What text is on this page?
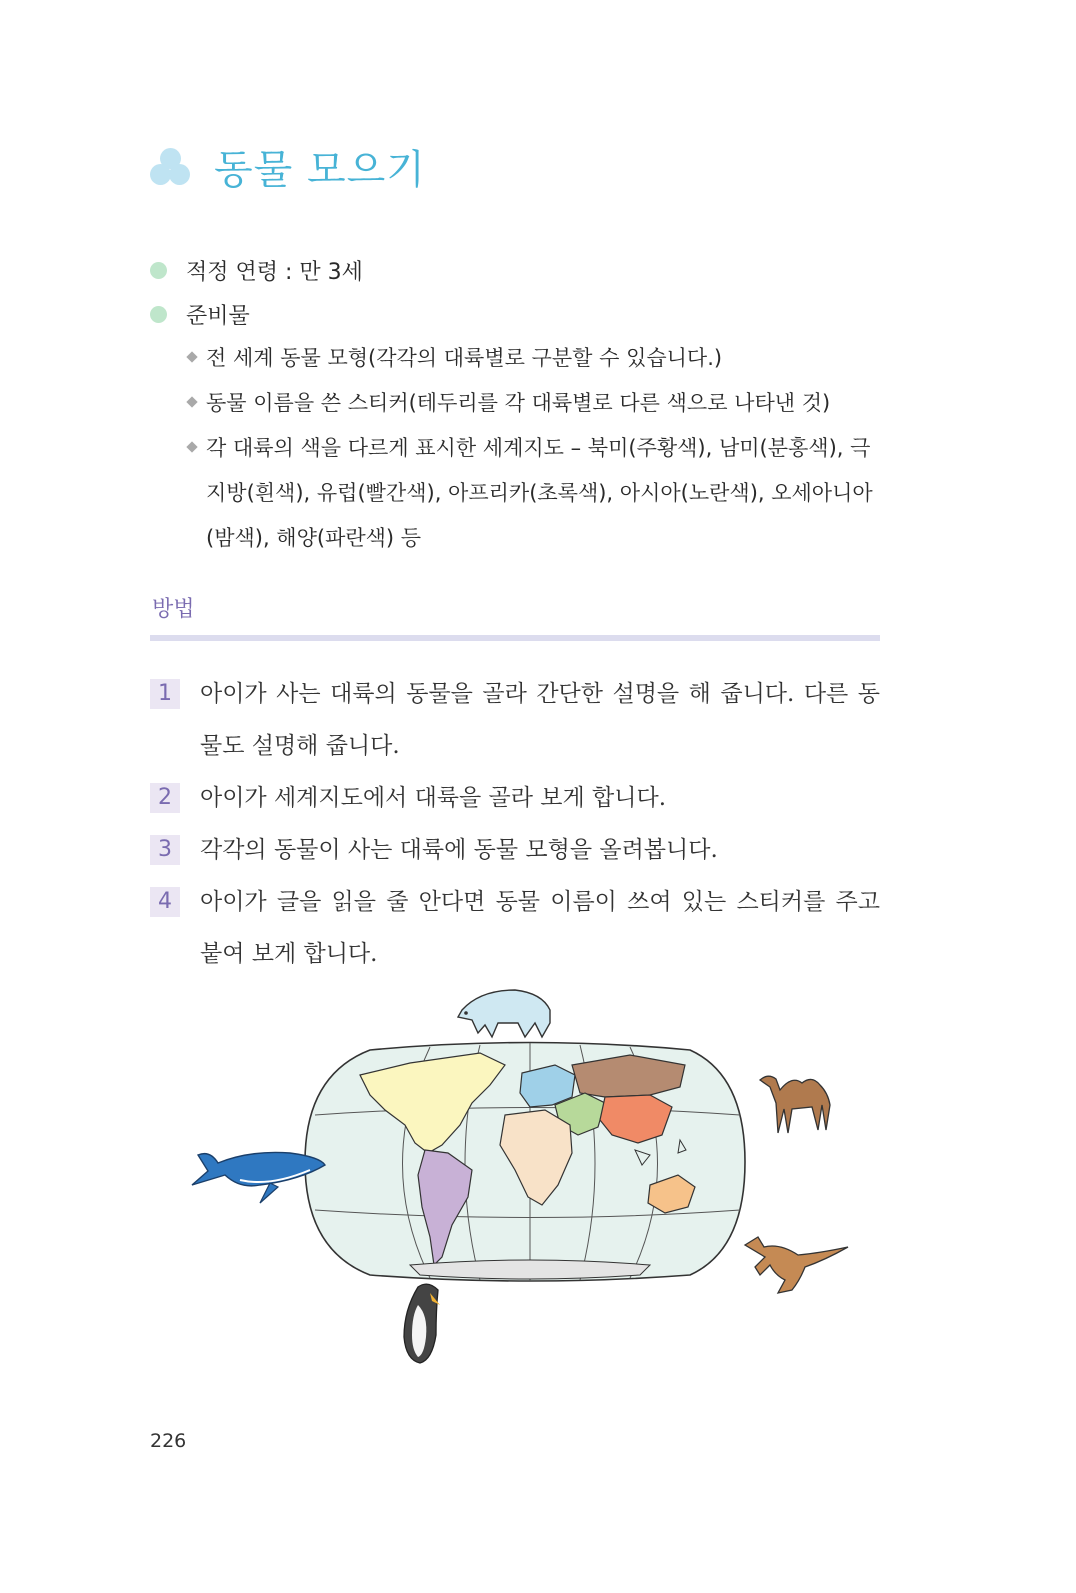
동물 모으기
적정 연령 : 만 3세
준비물
전 세계 동물 모형(각각의 대륙별로 구분할 수 있습니다.)
동물 이름을 쓴 스티커(테두리를 각 대륙별로 다른 색으로 나타낸 것)
각 대륙의 색을 다르게 표시한 세계지도 – 북미(주황색), 남미(분홍색), 극지방(흰색), 유럽(빨간색), 아프리카(초록색), 아시아(노란색), 오세아니아(밤색), 해양(파란색) 등
방법
1	아이가 사는 대륙의 동물을 골라 간단한 설명을 해 줍니다. 다른 동물도 설명해 줍니다.
2	아이가 세계지도에서 대륙을 골라 보게 합니다.
3	각각의 동물이 사는 대륙에 동물 모형을 올려봅니다.
4	아이가 글을 읽을 줄 안다면 동물 이름이 쓰여 있는 스티커를 주고 붙여 보게 합니다.
226
